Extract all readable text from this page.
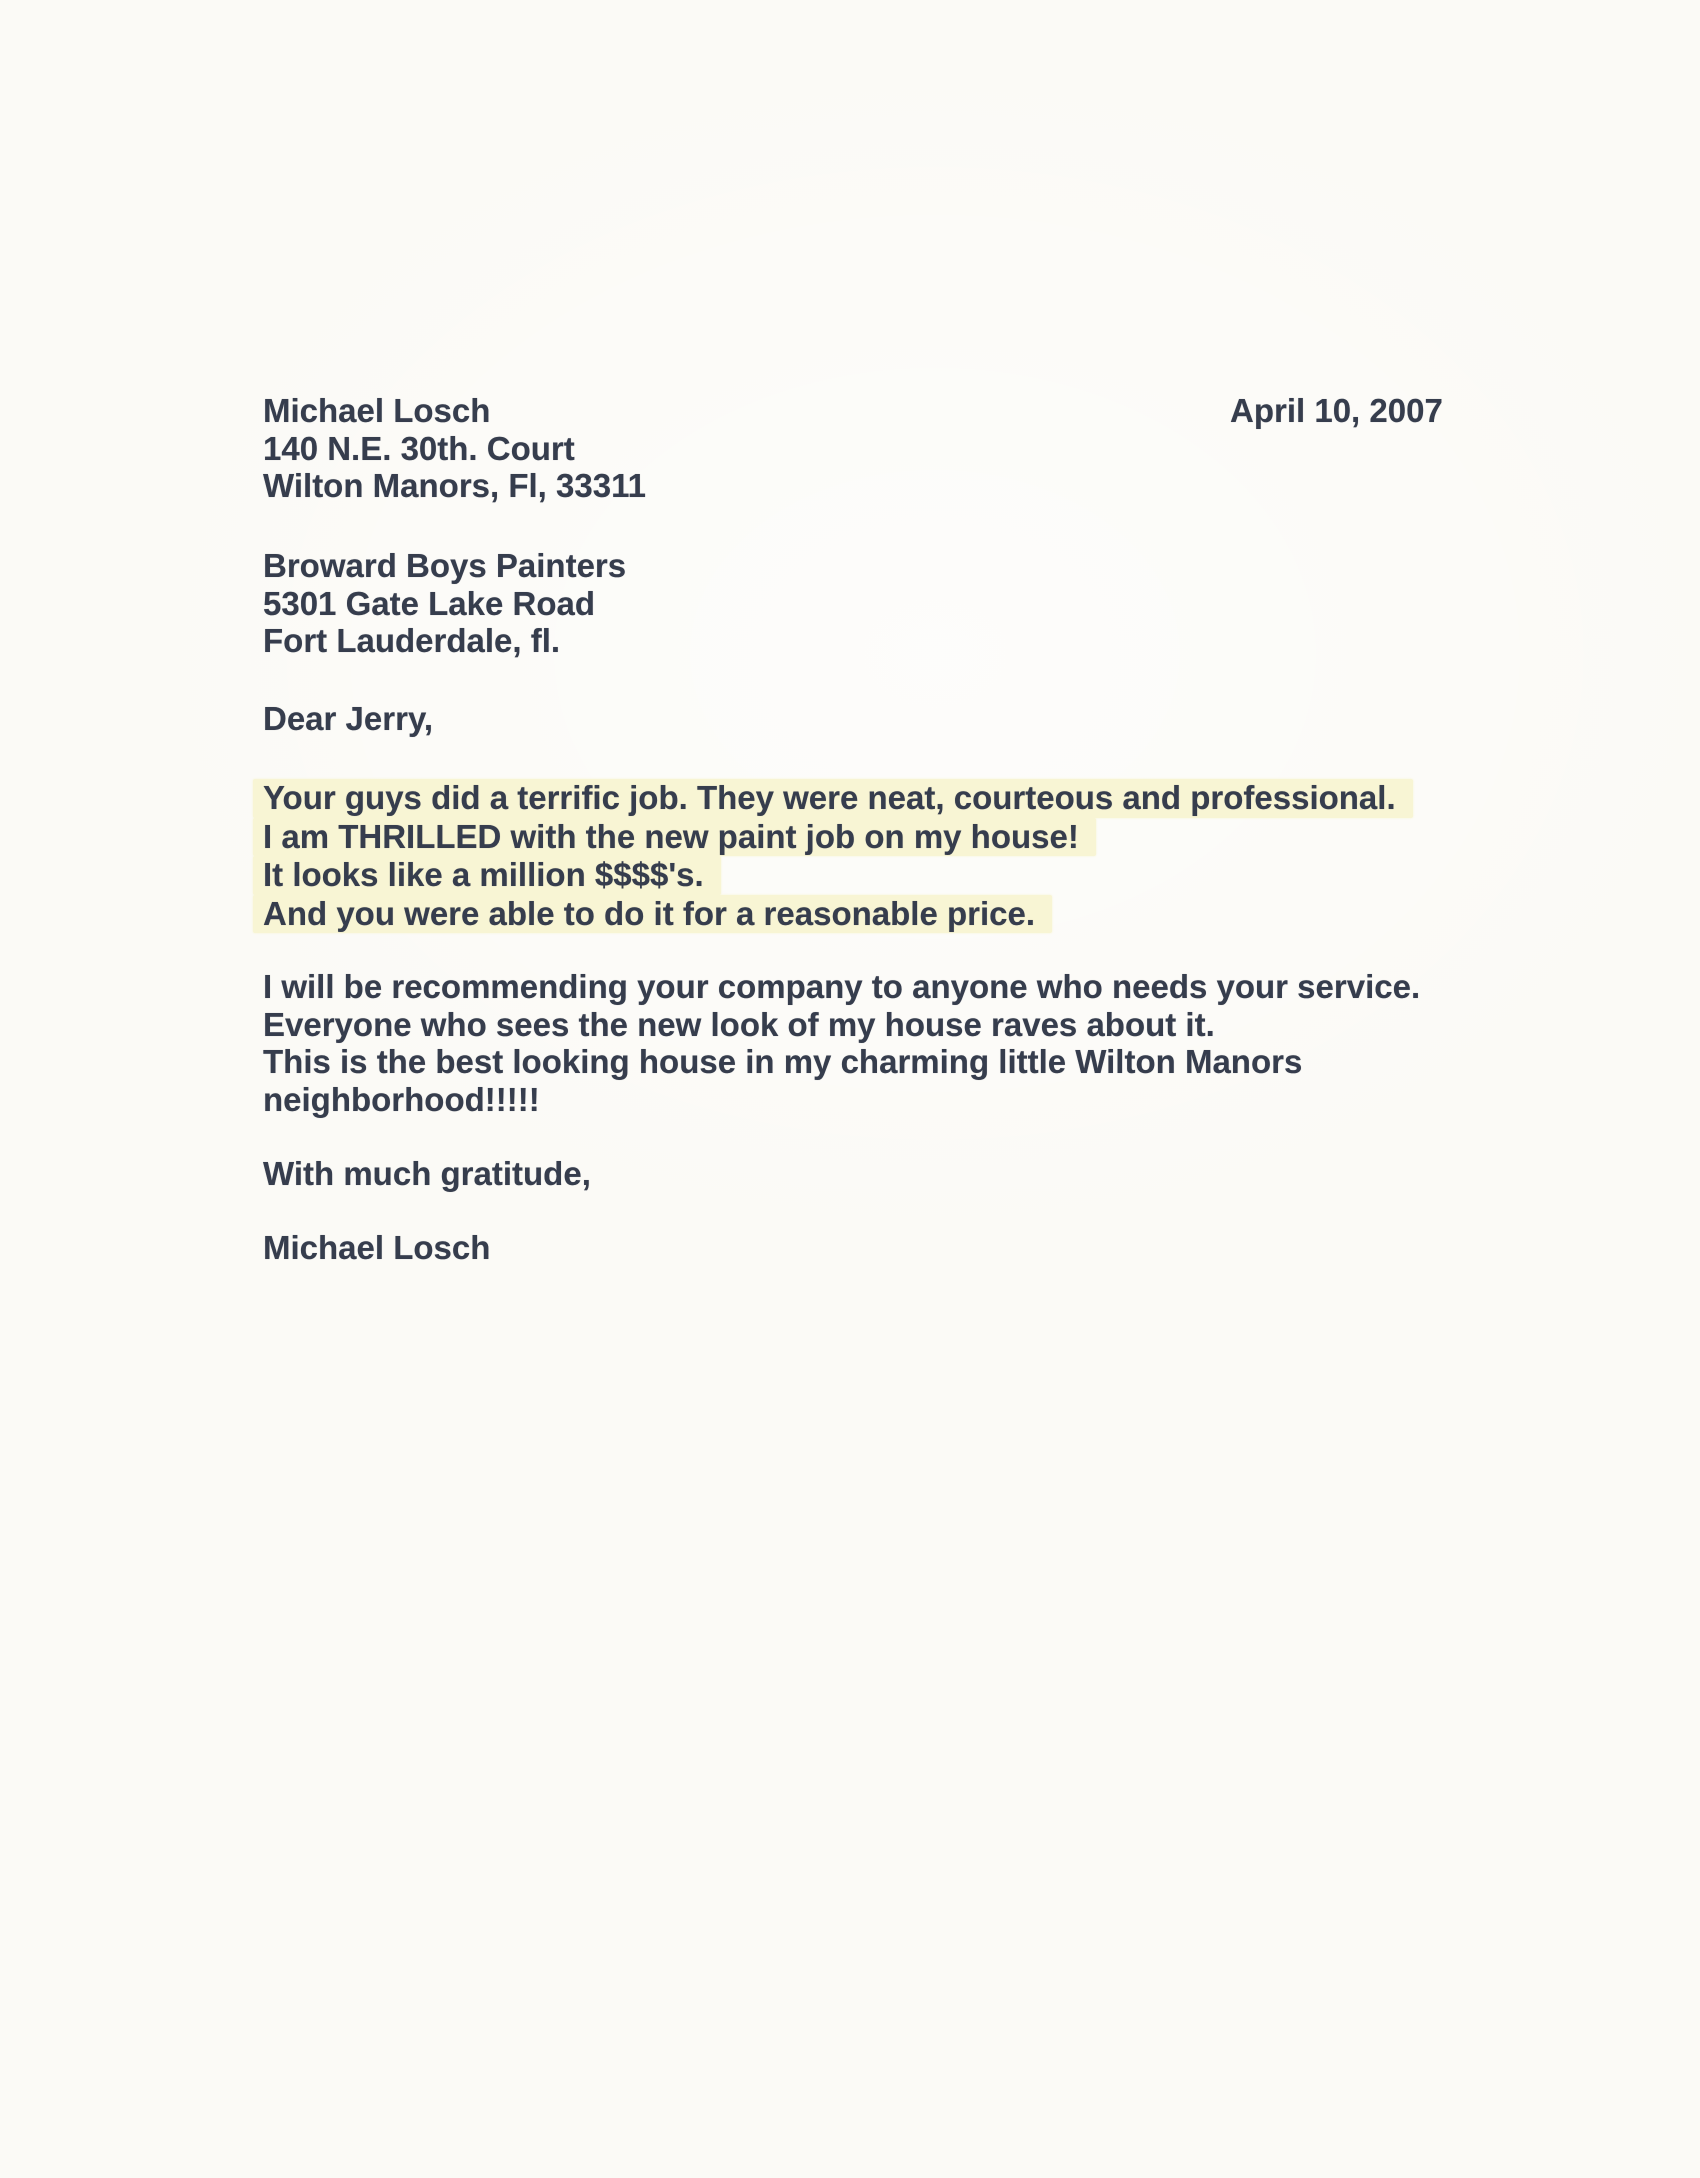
Michael Losch
140 N.E. 30th. Court
Wilton Manors, Fl, 33311
April 10, 2007
Broward Boys Painters
5301 Gate Lake Road
Fort Lauderdale, fl.
Dear Jerry,
Your guys did a terrific job. They were neat, courteous and professional.
I am THRILLED with the new paint job on my house!
It looks like a million $$$$'s.
And you were able to do it for a reasonable price.
I will be recommending your company to anyone who needs your service.
Everyone who sees the new look of my house raves about it.
This is the best looking house in my charming little Wilton Manors
neighborhood!!!!!
With much gratitude,
Michael Losch
